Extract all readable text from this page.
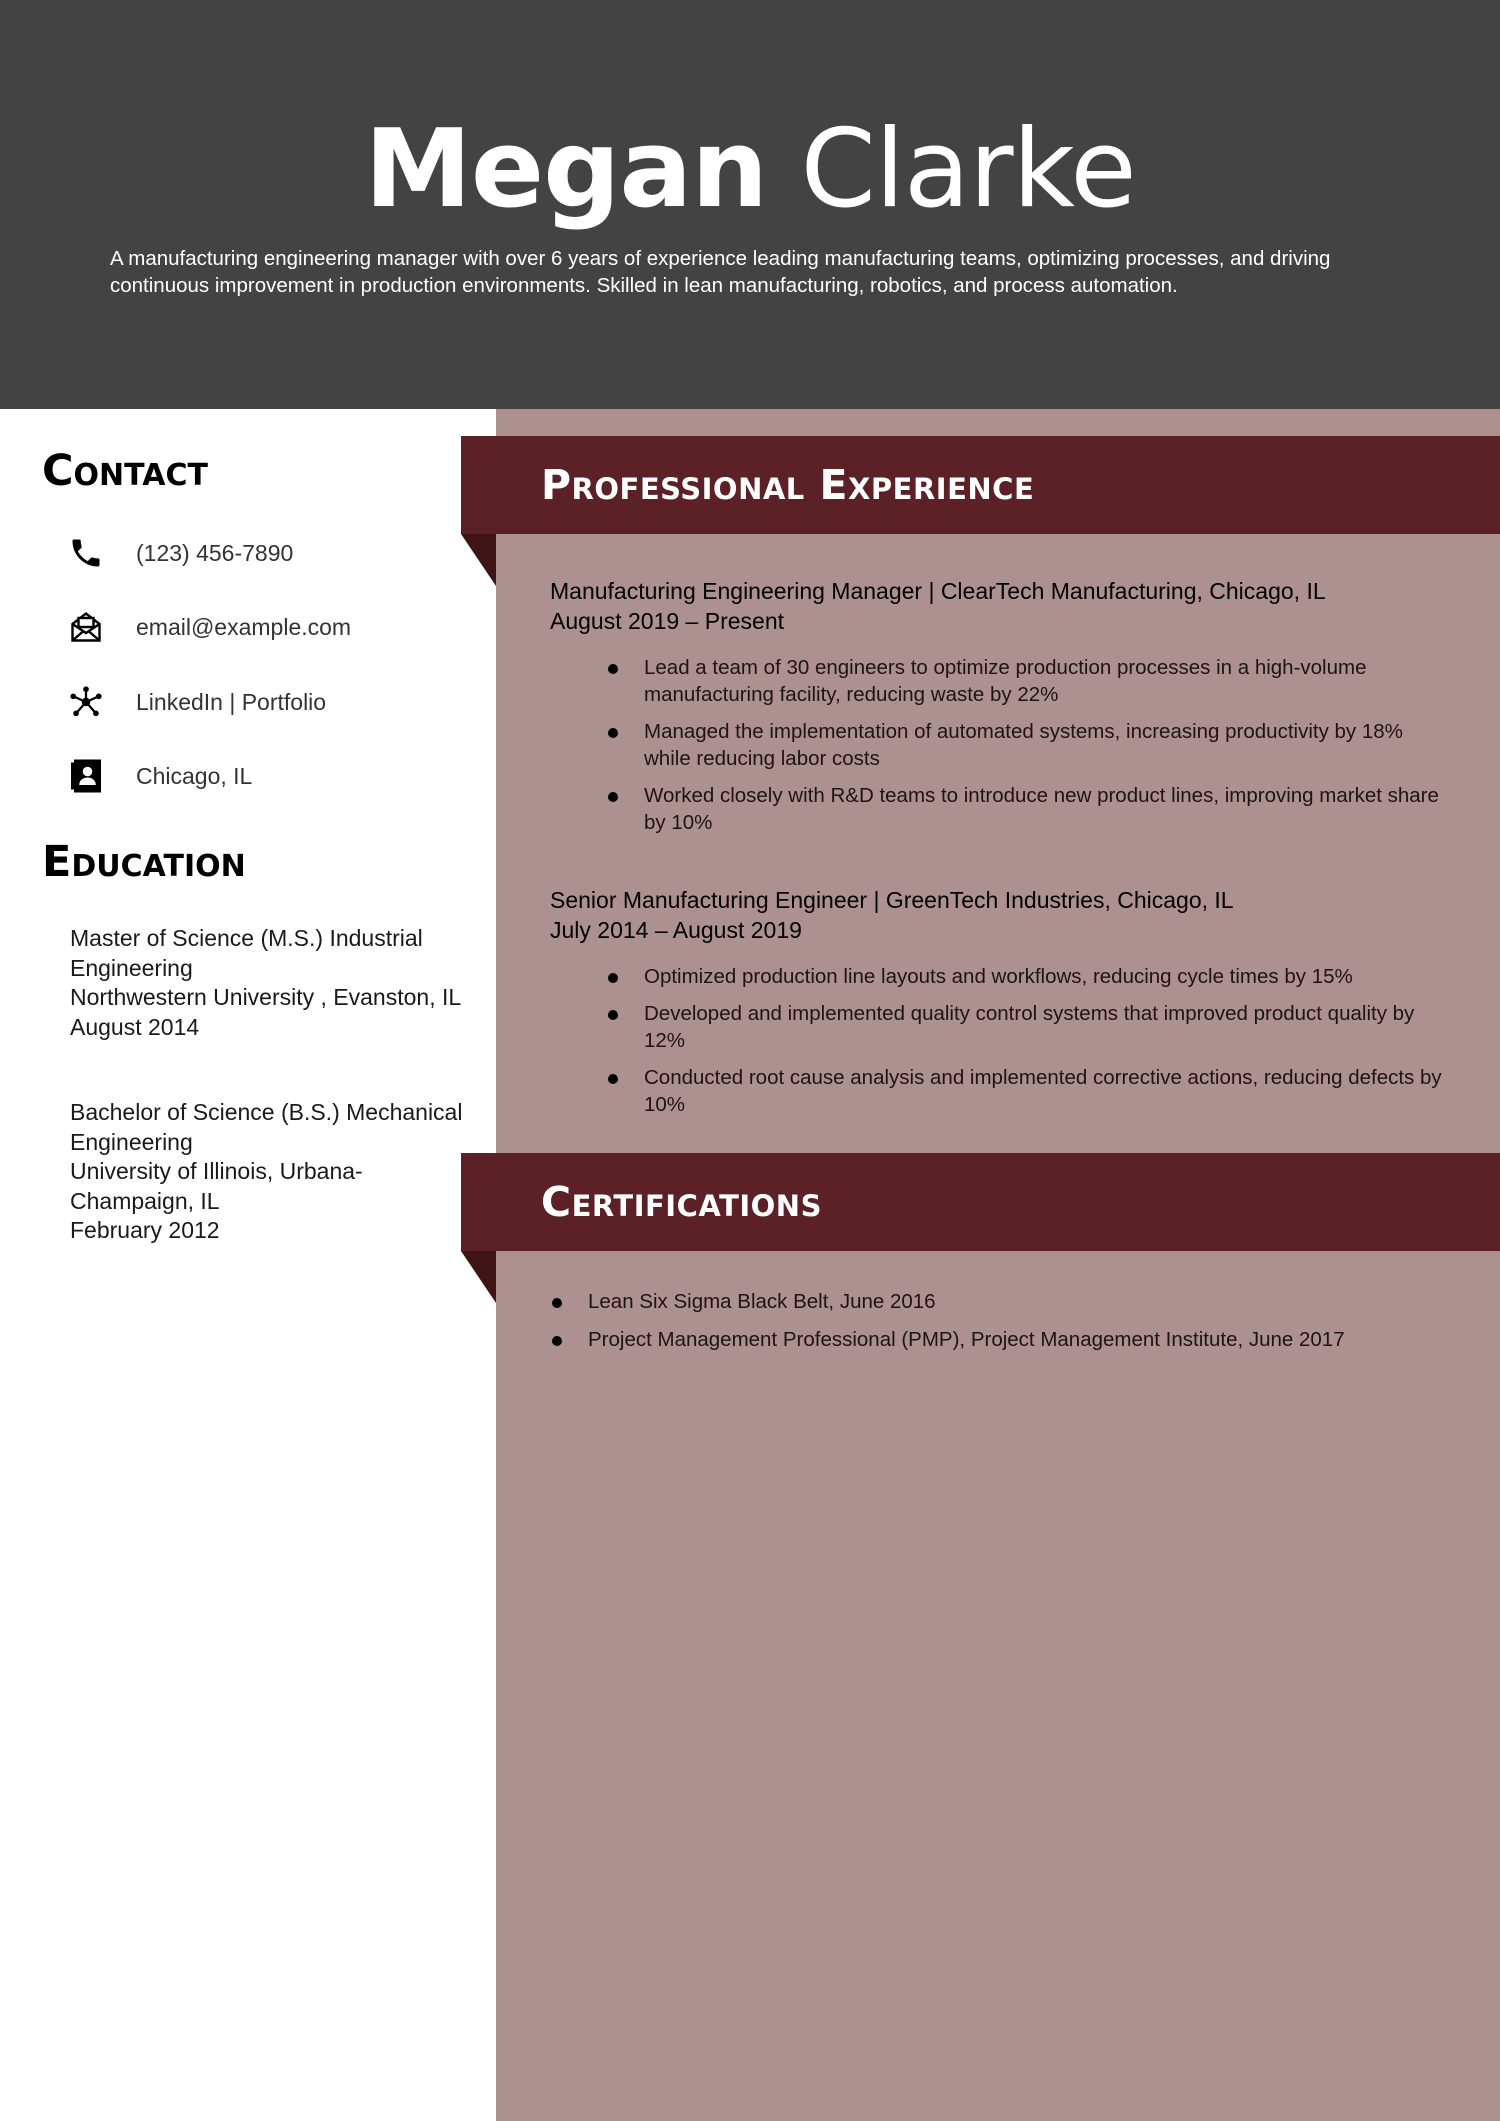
Megan Clarke
A manufacturing engineering manager with over 6 years of experience leading manufacturing teams, optimizing processes, and driving continuous improvement in production environments. Skilled in lean manufacturing, robotics, and process automation.
Professional Experience
Certifications
Contact
(123) 456-7890
email@example.com
LinkedIn | Portfolio
Chicago, IL
Education
Master of Science (M.S.) Industrial Engineering
Northwestern University , Evanston, IL
August 2014
Bachelor of Science (B.S.) Mechanical Engineering
University of Illinois, Urbana-Champaign, IL
February 2012
Manufacturing Engineering Manager | ClearTech Manufacturing, Chicago, IL
August 2019 – Present
Lead a team of 30 engineers to optimize production processes in a high-volume manufacturing facility, reducing waste by 22%
Managed the implementation of automated systems, increasing productivity by 18% while reducing labor costs
Worked closely with R&D teams to introduce new product lines, improving market share by 10%
Senior Manufacturing Engineer | GreenTech Industries, Chicago, IL
July 2014 – August 2019
Optimized production line layouts and workflows, reducing cycle times by 15%
Developed and implemented quality control systems that improved product quality by 12%
Conducted root cause analysis and implemented corrective actions, reducing defects by 10%
Lean Six Sigma Black Belt, June 2016
Project Management Professional (PMP), Project Management Institute, June 2017
